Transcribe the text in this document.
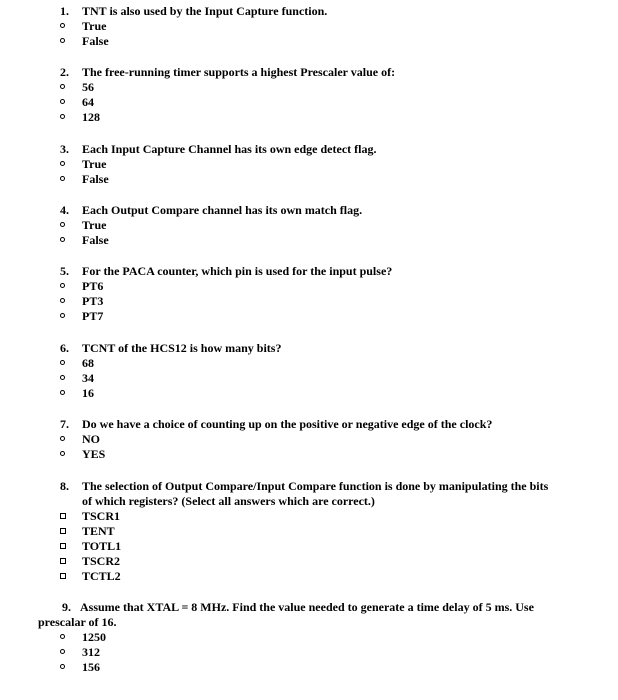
1. TNT is also used by the Input Capture function.
True
False
2. The free-running timer supports a highest Prescaler value of:
56
64
128
3. Each Input Capture Channel has its own edge detect flag.
True
False
4. Each Output Compare channel has its own match flag.
True
False
5. For the PACA counter, which pin is used for the input pulse?
PT6
PT3
PT7
6. TCNT of the HCS12 is how many bits?
68
34
16
7. Do we have a choice of counting up on the positive or negative edge of the clock?
NO
YES
8. The selection of Output Compare/Input Compare function is done by manipulating the bits
of which registers? (Select all answers which are correct.)
TSCR1
TENT
TOTL1
TSCR2
TCTL2
9. Assume that XTAL = 8 MHz. Find the value needed to generate a time delay of 5 ms. Use
prescalar of 16.
1250
312
156
